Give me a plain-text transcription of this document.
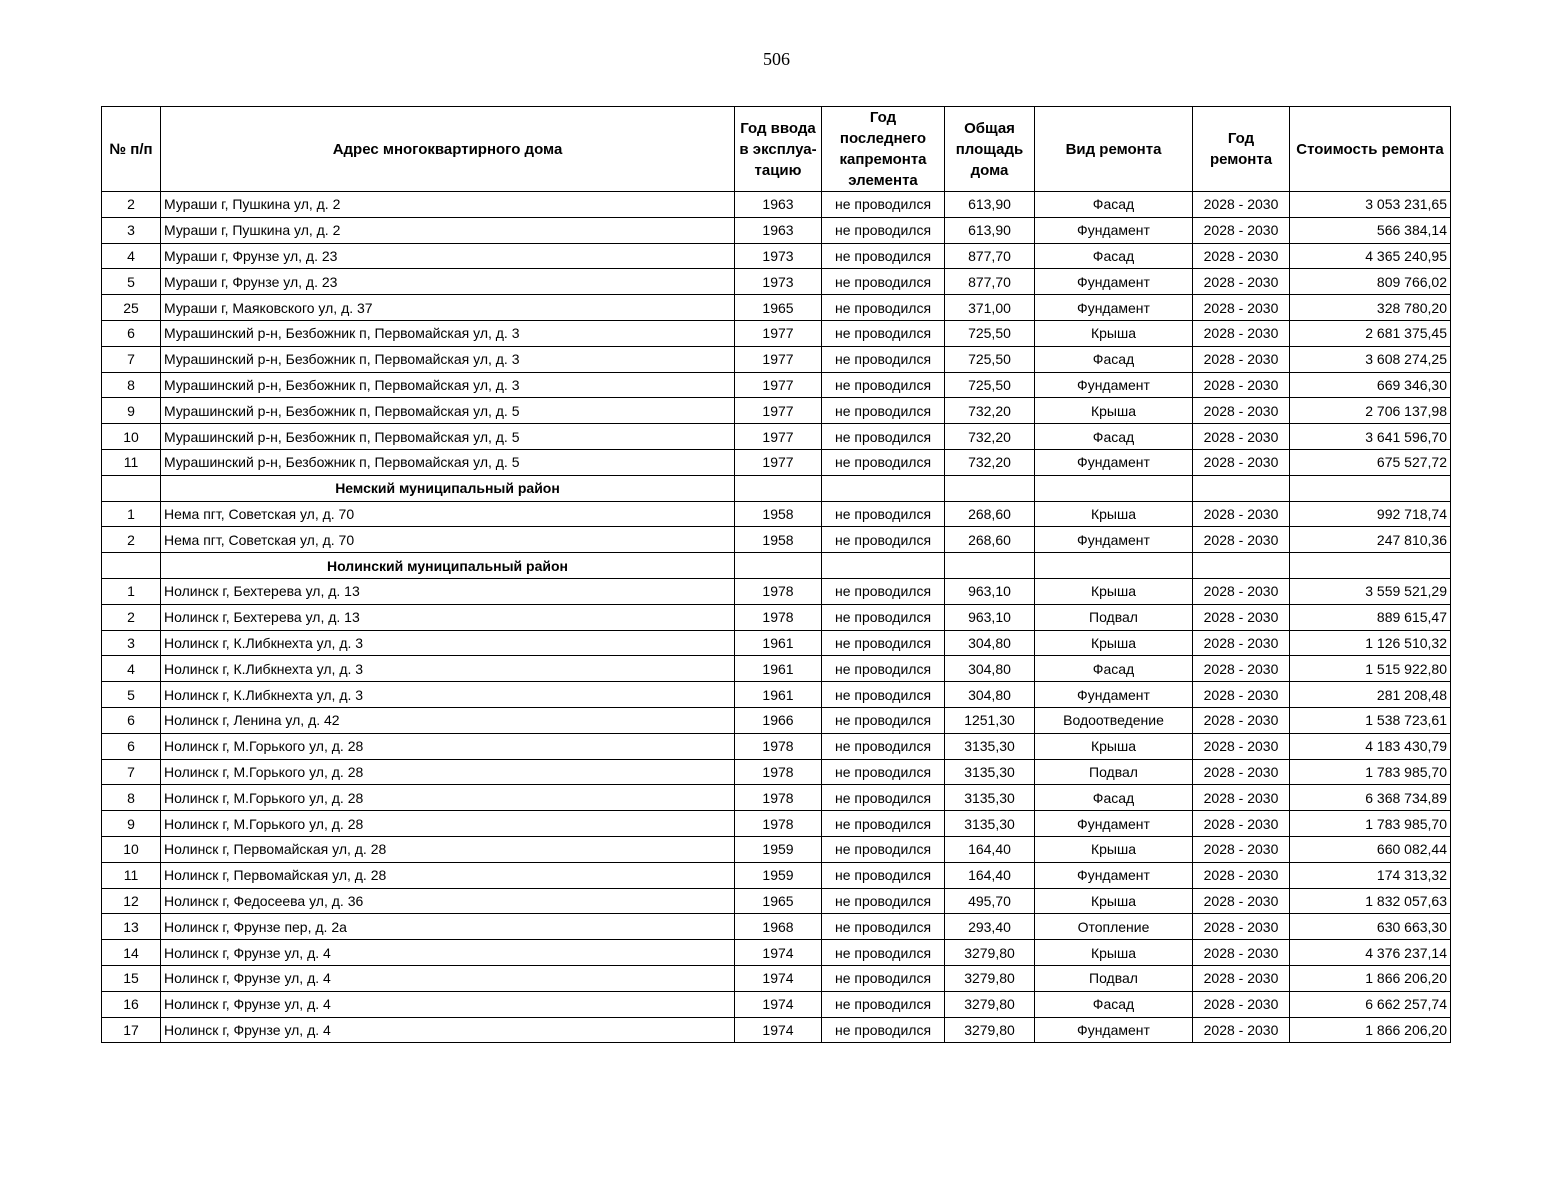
506
№ п/п	Адрес многоквартирного дома	Год ввода в эксплуа-тацию	Год последнего капремонта элемента	Общая площадь дома	Вид ремонта	Год ремонта	Стоимость ремонта
2	Мураши г, Пушкина ул, д. 2	1963	не проводился	613,90	Фасад	2028 - 2030	3 053 231,65
3	Мураши г, Пушкина ул, д. 2	1963	не проводился	613,90	Фундамент	2028 - 2030	566 384,14
4	Мураши г, Фрунзе ул, д. 23	1973	не проводился	877,70	Фасад	2028 - 2030	4 365 240,95
5	Мураши г, Фрунзе ул, д. 23	1973	не проводился	877,70	Фундамент	2028 - 2030	809 766,02
25	Мураши г, Маяковского ул, д. 37	1965	не проводился	371,00	Фундамент	2028 - 2030	328 780,20
6	Мурашинский р-н, Безбожник п, Первомайская ул, д. 3	1977	не проводился	725,50	Крыша	2028 - 2030	2 681 375,45
7	Мурашинский р-н, Безбожник п, Первомайская ул, д. 3	1977	не проводился	725,50	Фасад	2028 - 2030	3 608 274,25
8	Мурашинский р-н, Безбожник п, Первомайская ул, д. 3	1977	не проводился	725,50	Фундамент	2028 - 2030	669 346,30
9	Мурашинский р-н, Безбожник п, Первомайская ул, д. 5	1977	не проводился	732,20	Крыша	2028 - 2030	2 706 137,98
10	Мурашинский р-н, Безбожник п, Первомайская ул, д. 5	1977	не проводился	732,20	Фасад	2028 - 2030	3 641 596,70
11	Мурашинский р-н, Безбожник п, Первомайская ул, д. 5	1977	не проводился	732,20	Фундамент	2028 - 2030	675 527,72
	Немский муниципальный район						
1	Нема пгт, Советская ул, д. 70	1958	не проводился	268,60	Крыша	2028 - 2030	992 718,74
2	Нема пгт, Советская ул, д. 70	1958	не проводился	268,60	Фундамент	2028 - 2030	247 810,36
	Нолинский муниципальный район						
1	Нолинск г, Бехтерева ул, д. 13	1978	не проводился	963,10	Крыша	2028 - 2030	3 559 521,29
2	Нолинск г, Бехтерева ул, д. 13	1978	не проводился	963,10	Подвал	2028 - 2030	889 615,47
3	Нолинск г, К.Либкнехта ул, д. 3	1961	не проводился	304,80	Крыша	2028 - 2030	1 126 510,32
4	Нолинск г, К.Либкнехта ул, д. 3	1961	не проводился	304,80	Фасад	2028 - 2030	1 515 922,80
5	Нолинск г, К.Либкнехта ул, д. 3	1961	не проводился	304,80	Фундамент	2028 - 2030	281 208,48
6	Нолинск г, Ленина ул, д. 42	1966	не проводился	1251,30	Водоотведение	2028 - 2030	1 538 723,61
6	Нолинск г, М.Горького ул, д. 28	1978	не проводился	3135,30	Крыша	2028 - 2030	4 183 430,79
7	Нолинск г, М.Горького ул, д. 28	1978	не проводился	3135,30	Подвал	2028 - 2030	1 783 985,70
8	Нолинск г, М.Горького ул, д. 28	1978	не проводился	3135,30	Фасад	2028 - 2030	6 368 734,89
9	Нолинск г, М.Горького ул, д. 28	1978	не проводился	3135,30	Фундамент	2028 - 2030	1 783 985,70
10	Нолинск г, Первомайская ул, д. 28	1959	не проводился	164,40	Крыша	2028 - 2030	660 082,44
11	Нолинск г, Первомайская ул, д. 28	1959	не проводился	164,40	Фундамент	2028 - 2030	174 313,32
12	Нолинск г, Федосеева ул, д. 36	1965	не проводился	495,70	Крыша	2028 - 2030	1 832 057,63
13	Нолинск г, Фрунзе пер, д. 2а	1968	не проводился	293,40	Отопление	2028 - 2030	630 663,30
14	Нолинск г, Фрунзе ул, д. 4	1974	не проводился	3279,80	Крыша	2028 - 2030	4 376 237,14
15	Нолинск г, Фрунзе ул, д. 4	1974	не проводился	3279,80	Подвал	2028 - 2030	1 866 206,20
16	Нолинск г, Фрунзе ул, д. 4	1974	не проводился	3279,80	Фасад	2028 - 2030	6 662 257,74
17	Нолинск г, Фрунзе ул, д. 4	1974	не проводился	3279,80	Фундамент	2028 - 2030	1 866 206,20
